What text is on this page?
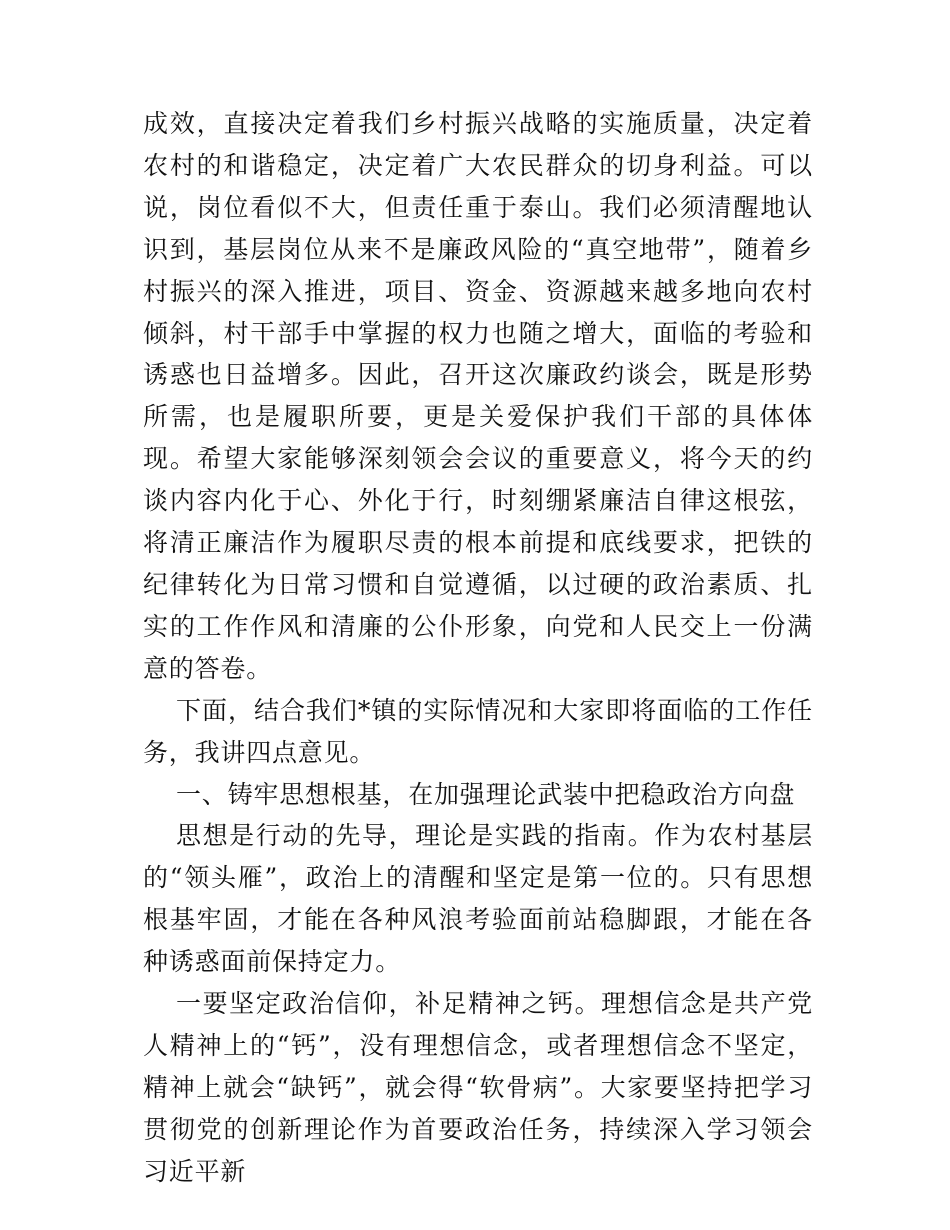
成效，直接决定着我们乡村振兴战略的实施质量，决定着农村的和谐稳定，决定着广大农民群众的切身利益。可以说，岗位看似不大，但责任重于泰山。我们必须清醒地认识到，基层岗位从来不是廉政风险的“真空地带”，随着乡村振兴的深入推进，项目、资金、资源越来越多地向农村倾斜，村干部手中掌握的权力也随之增大，面临的考验和诱惑也日益增多。因此，召开这次廉政约谈会，既是形势所需，也是履职所要，更是关爱保护我们干部的具体体现。希望大家能够深刻领会会议的重要意义，将今天的约谈内容内化于心、外化于行，时刻绷紧廉洁自律这根弦，将清正廉洁作为履职尽责的根本前提和底线要求，把铁的纪律转化为日常习惯和自觉遵循，以过硬的政治素质、扎实的工作作风和清廉的公仆形象，向党和人民交上一份满意的答卷。

下面，结合我们*镇的实际情况和大家即将面临的工作任务，我讲四点意见。

一、铸牢思想根基，在加强理论武装中把稳政治方向盘

思想是行动的先导，理论是实践的指南。作为农村基层的“领头雁”，政治上的清醒和坚定是第一位的。只有思想根基牢固，才能在各种风浪考验面前站稳脚跟，才能在各种诱惑面前保持定力。

一要坚定政治信仰，补足精神之钙。理想信念是共产党人精神上的“钙”，没有理想信念，或者理想信念不坚定，精神上就会“缺钙”，就会得“软骨病”。大家要坚持把学习贯彻党的创新理论作为首要政治任务，持续深入学习领会习近平新
